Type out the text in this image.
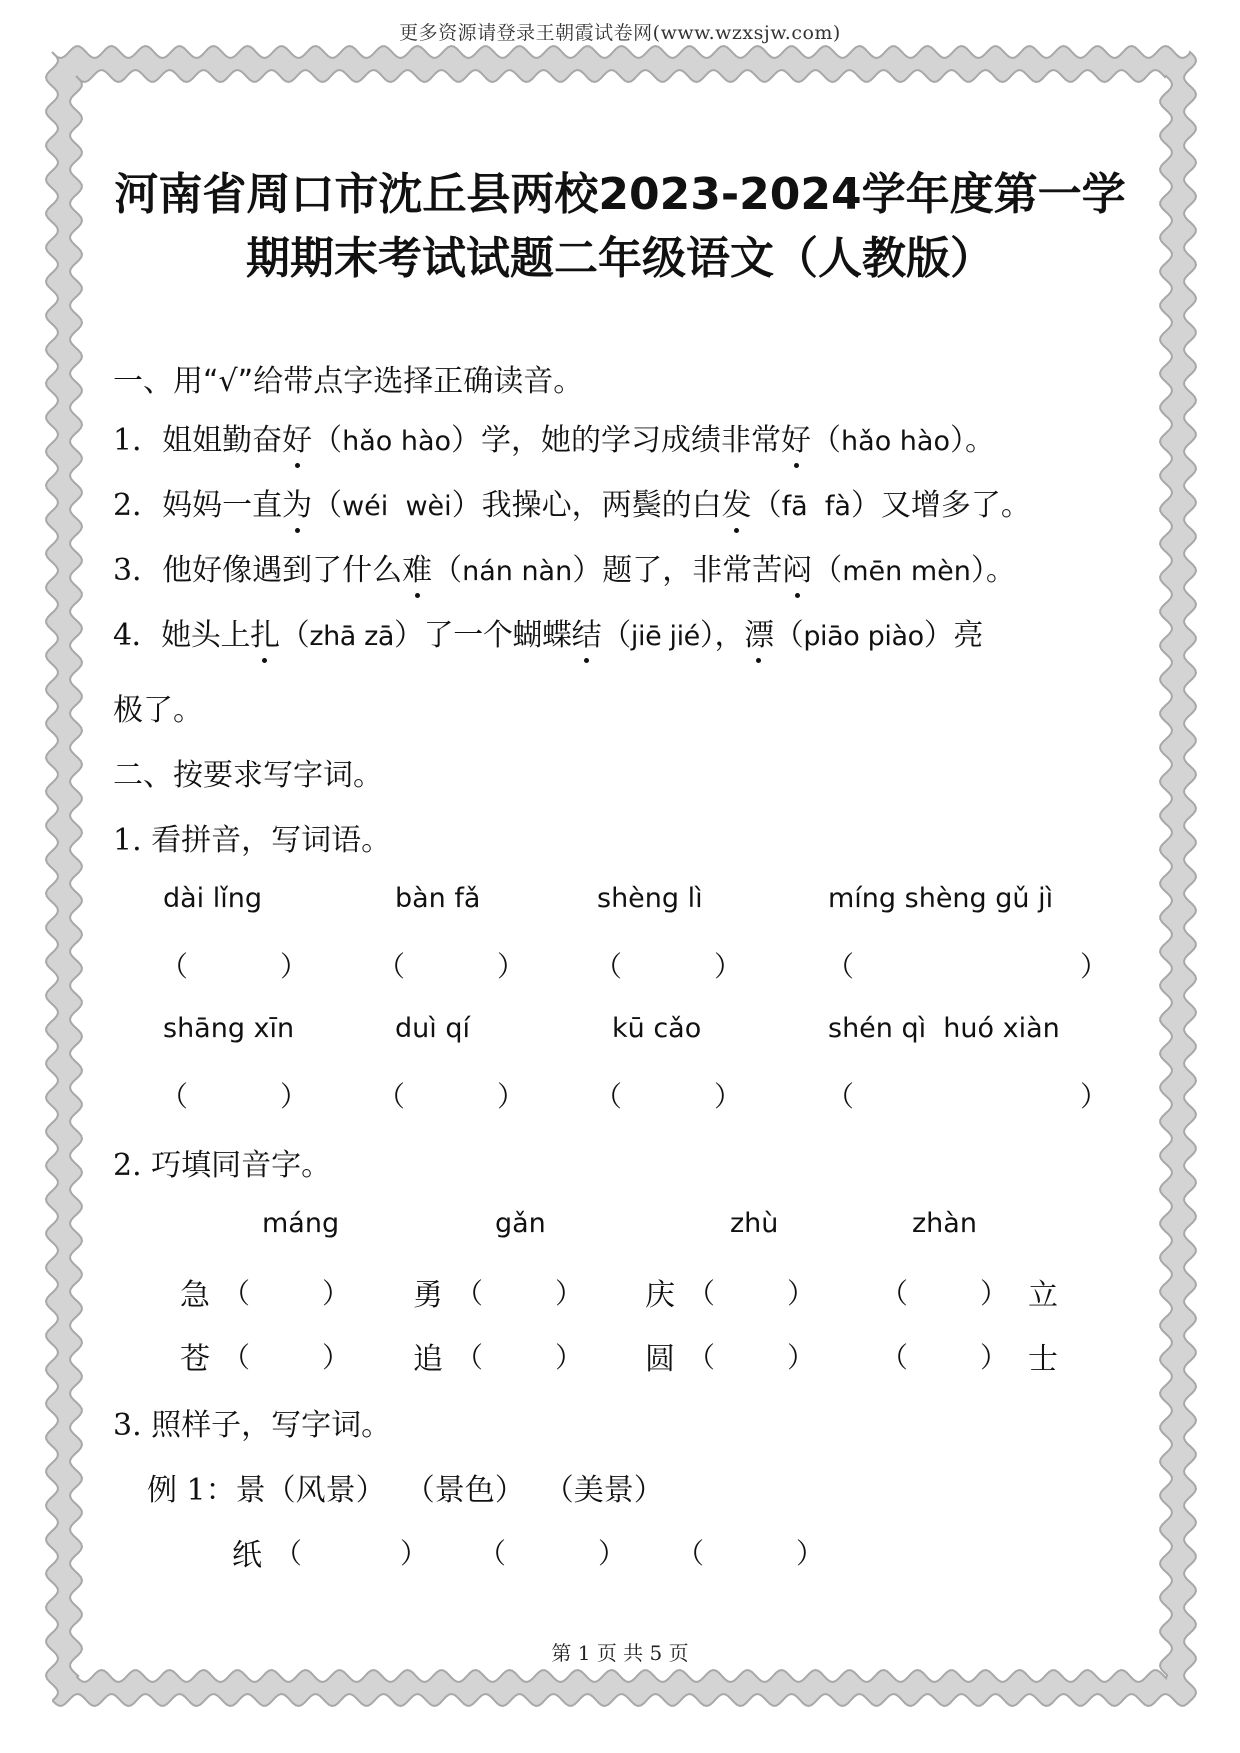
更多资源请登录王朝霞试卷网(www.wzxsjw.com)
河南省周口市沈丘县两校2023-2024学年度第一学
期期末考试试题二年级语文（人教版）
一、用“√”给带点字选择正确读音。
1．姐姐勤奋好（hǎo hào）学，她的学习成绩非常好（hǎo hào）。
2．妈妈一直为（wéi  wèi）我操心，两鬓的白发（fā  fà）又增多了。
3．他好像遇到了什么难（nán nàn）题了，非常苦闷（mēn mèn）。
4．她头上扎（zhā zā）了一个蝴蝶结（jiē jié），漂（piāo piào）亮
极了。
二、按要求写字词。
1. 看拼音，写词语。
dài lǐng	bàn fǎ	shèng lì	míng shèng gǔ jì
（	） （	） （	）	（	）
shāng xīn	duì qí	kū cǎo	shén qì  huó xiàn
（	） （	） （	）	（	）
2. 巧填同音字。
máng	gǎn	zhù	zhàn
急 （	） 勇 （	） 庆 （	） （	） 立
苍 （	） 追 （	） 圆 （	） （	） 士
3. 照样子，写字词。
例 1：景（风景）  （景色）  （美景）
纸 （	） （	） （	）
第 1 页 共 5 页
